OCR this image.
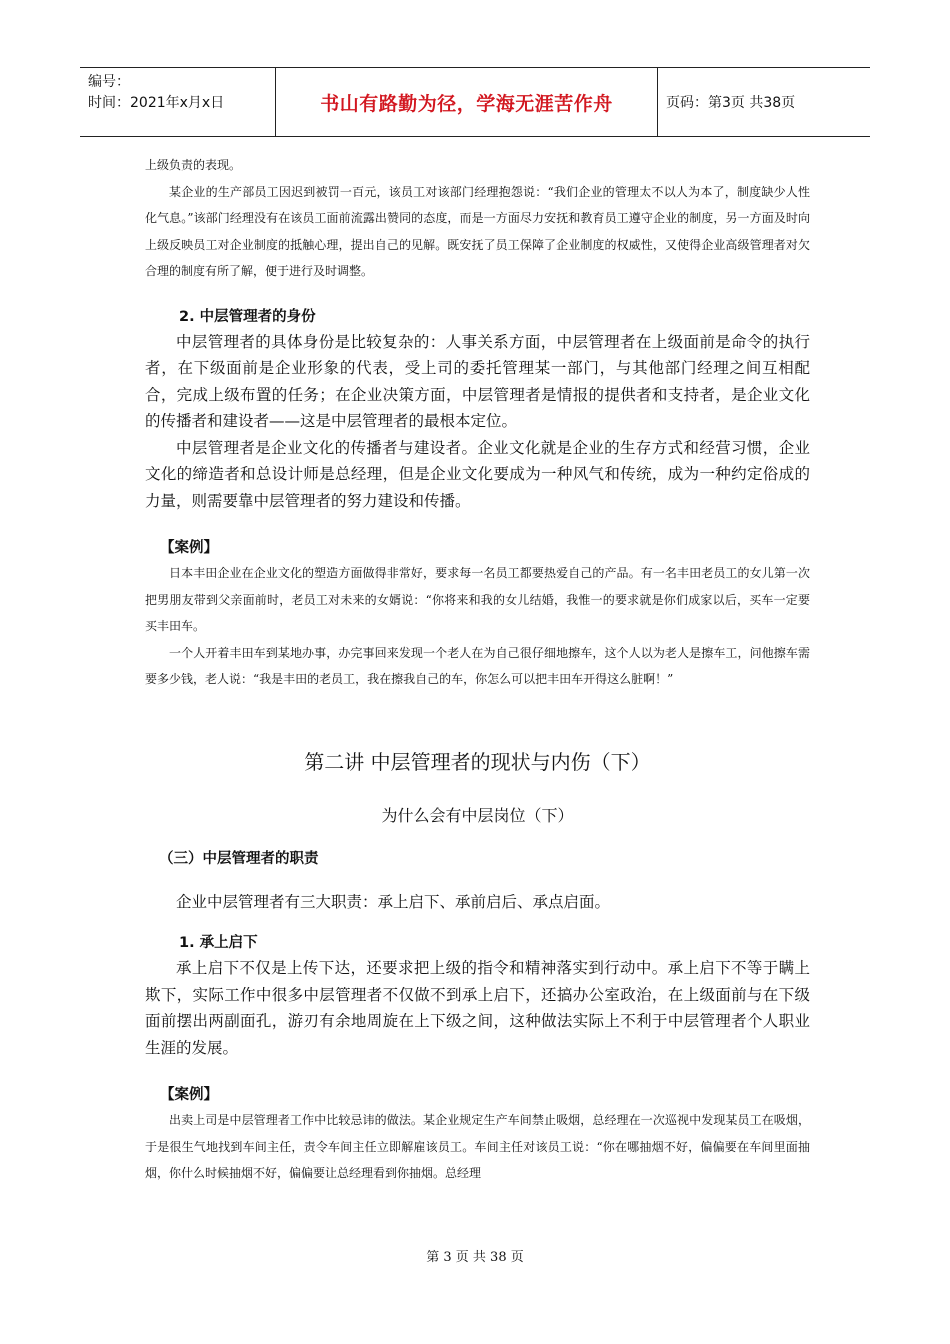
编号：
时间：2021年x月x日	书山有路勤为径，学海无涯苦作舟	页码：第3页 共38页

上级负责的表现。

某企业的生产部员工因迟到被罚一百元，该员工对该部门经理抱怨说：“我们企业的管理太不以人为本了，制度缺少人性化气息。”该部门经理没有在该员工面前流露出赞同的态度，而是一方面尽力安抚和教育员工遵守企业的制度，另一方面及时向上级反映员工对企业制度的抵触心理，提出自己的见解。既安抚了员工保障了企业制度的权威性，又使得企业高级管理者对欠合理的制度有所了解，便于进行及时调整。

2. 中层管理者的身份

中层管理者的具体身份是比较复杂的：人事关系方面，中层管理者在上级面前是命令的执行者，在下级面前是企业形象的代表，受上司的委托管理某一部门，与其他部门经理之间互相配合，完成上级布置的任务；在企业决策方面，中层管理者是情报的提供者和支持者，是企业文化的传播者和建设者——这是中层管理者的最根本定位。

中层管理者是企业文化的传播者与建设者。企业文化就是企业的生存方式和经营习惯，企业文化的缔造者和总设计师是总经理，但是企业文化要成为一种风气和传统，成为一种约定俗成的力量，则需要靠中层管理者的努力建设和传播。

【案例】

日本丰田企业在企业文化的塑造方面做得非常好，要求每一名员工都要热爱自己的产品。有一名丰田老员工的女儿第一次把男朋友带到父亲面前时，老员工对未来的女婿说：“你将来和我的女儿结婚，我惟一的要求就是你们成家以后，买车一定要买丰田车。

一个人开着丰田车到某地办事，办完事回来发现一个老人在为自己很仔细地擦车，这个人以为老人是擦车工，问他擦车需要多少钱，老人说：“我是丰田的老员工，我在擦我自己的车，你怎么可以把丰田车开得这么脏啊！”

第二讲 中层管理者的现状与内伤（下）

为什么会有中层岗位（下）

（三）中层管理者的职责

企业中层管理者有三大职责：承上启下、承前启后、承点启面。

1. 承上启下

承上启下不仅是上传下达，还要求把上级的指令和精神落实到行动中。承上启下不等于瞒上欺下，实际工作中很多中层管理者不仅做不到承上启下，还搞办公室政治，在上级面前与在下级面前摆出两副面孔，游刃有余地周旋在上下级之间，这种做法实际上不利于中层管理者个人职业生涯的发展。

【案例】

出卖上司是中层管理者工作中比较忌讳的做法。某企业规定生产车间禁止吸烟，总经理在一次巡视中发现某员工在吸烟，于是很生气地找到车间主任，责令车间主任立即解雇该员工。车间主任对该员工说：“你在哪抽烟不好，偏偏要在车间里面抽烟，你什么时候抽烟不好，偏偏要让总经理看到你抽烟。总经理

第 3 页 共 38 页
